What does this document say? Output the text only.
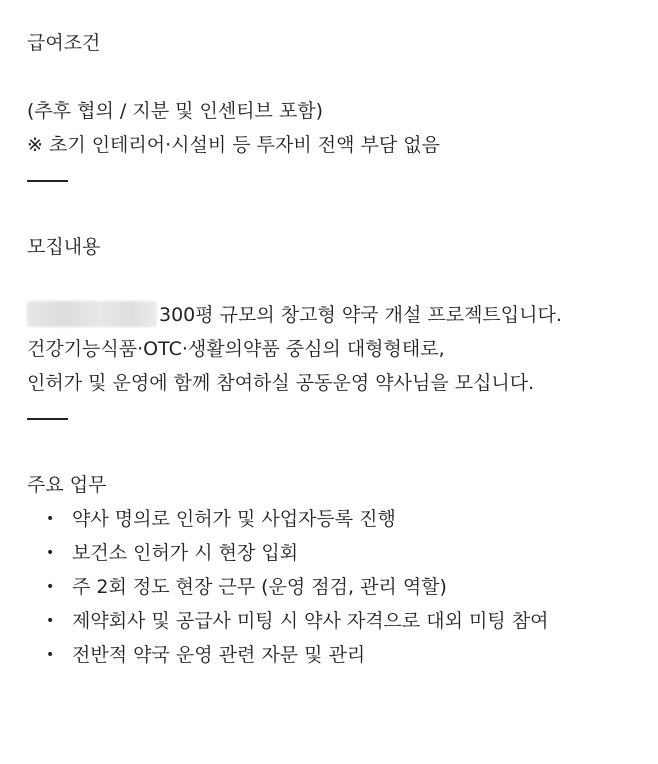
급여조건
(추후 협의 / 지분 및 인센티브 포함)
※ 초기 인테리어·시설비 등 투자비 전액 부담 없음
모집내용
300평 규모의 창고형 약국 개설 프로젝트입니다.
건강기능식품·OTC·생활의약품 중심의 대형형태로,
인허가 및 운영에 함께 참여하실 공동운영 약사님을 모십니다.
주요 업무
• 약사 명의로 인허가 및 사업자등록 진행
• 보건소 인허가 시 현장 입회
• 주 2회 정도 현장 근무 (운영 점검, 관리 역할)
• 제약회사 및 공급사 미팅 시 약사 자격으로 대외 미팅 참여
• 전반적 약국 운영 관련 자문 및 관리
